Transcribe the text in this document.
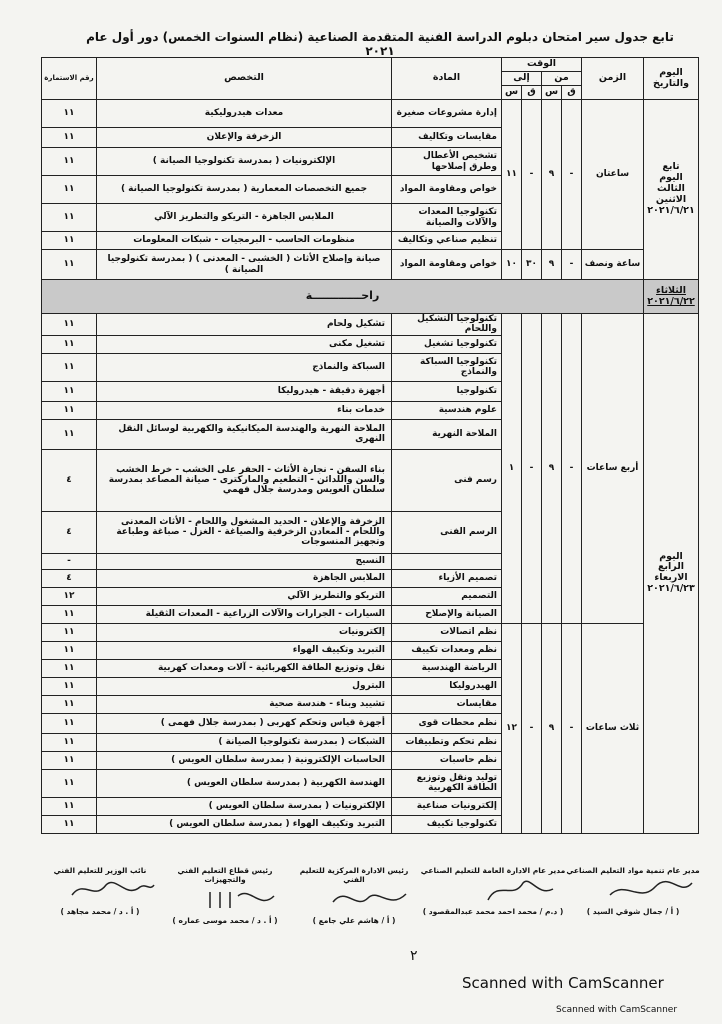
تابع جدول سير امتحان دبلوم الدراسة الفنية المتقدمة الصناعية (نظام السنوات الخمس) دور أول عام ٢٠٢١
اليوم والتاريخ	الزمن	الوقت				المادة	التخصص	رقم الاستمارة
		من		إلى				
		ق	س	ق	س			

تابع
اليوم الثالث
الاثنين
٢٠٢١/٦/٢١	ساعتان	-	٩	-	١١	إدارة مشروعات صغيرة	معدات هيدروليكية	١١
						مقايسات وتكاليف	الزخرفة والإعلان	١١
						تشخيص الأعطال وطرق إصلاحها	الإلكترونيات ( بمدرسة تكنولوجيا الصيانة )	١١
						خواص ومقاومة المواد	جميع التخصصات المعمارية ( بمدرسة تكنولوجيا الصيانة )	١١
						تكنولوجيا المعدات والآلات والصيانة	الملابس الجاهزة - التريكو والتطريز الآلي	١١
						تنظيم صناعي وتكاليف	منظومات الحاسب - البرمجيات - شبكات المعلومات	١١
	ساعة ونصف	-	٩	٣٠	١٠	خواص ومقاومة المواد	صيانة وإصلاح الأثاث ( الخشبى - المعدنى ) ( بمدرسة تكنولوجيا الصيانة )	١١

الثلاثاء
٢٠٢١/٦/٢٢	راحـــــــــــــة							

اليوم الرابع
الاربعاء
٢٠٢١/٦/٢٣	أربع ساعات	-	٩	-	١	تكنولوجيا التشكيل واللحام	تشكيل ولحام	١١
						تكنولوجيا تشغيل	تشغيل مكنى	١١
						تكنولوجيا السباكة والنماذج	السباكة والنماذج	١١
						تكنولوجيا	أجهزة دقيقة - هيدروليكا	١١
						علوم هندسية	خدمات بناء	١١
						الملاحة النهرية	الملاحة النهرية والهندسة الميكانيكية والكهربية لوسائل النقل النهرى	١١
						رسم فنى	بناء السفن - نجارة الأثاث - الحفر على الخشب - خرط الخشب والسن واللدائن - التطعيم والماركترى - صيانة المصاعد بمدرسة سلطان العويس ومدرسة جلال فهمي	٤
						الرسم الفنى	الزخرفة والإعلان - الحديد المشغول واللحام - الأثاث المعدنى واللحام - المعادن الزخرفية والصياغة - الغزل - صباغة وطباعة وتجهيز المنسوجات	٤
							النسيج	-
						تصميم الأزياء	الملابس الجاهزة	٤
						التصميم	التريكو والتطريز الآلي	١٢
						الصيانة والإصلاح	السيارات - الجرارات والآلات الزراعية - المعدات الثقيلة	١١
	ثلاث ساعات	-	٩	-	١٢	نظم اتصالات	إلكترونيات	١١
						نظم ومعدات تكييف	التبريد وتكييف الهواء	١١
						الرياضة الهندسية	نقل وتوزيع الطاقة الكهربائية - آلات ومعدات كهربية	١١
						الهيدروليكا	البترول	١١
						مقايسات	تشييد وبناء - هندسة صحية	١١
						نظم محطات قوى	أجهزة قياس وتحكم كهربى ( بمدرسة جلال فهمى )	١١
						نظم تحكم وتطبيقات	الشبكات ( بمدرسة تكنولوجيا الصيانة )	١١
						نظم حاسبات	الحاسبات الإلكترونية ( بمدرسة سلطان العويس )	١١
						توليد ونقل وتوزيع الطاقة الكهربية	الهندسة الكهربية ( بمدرسة سلطان العويس )	١١
						إلكترونيات صناعية	الإلكترونيات ( بمدرسة سلطان العويس )	١١
						تكنولوجيا تكييف	التبريد وتكييف الهواء ( بمدرسة سلطان العويس )	١١
مدير عام تنمية مواد التعليم الصناعي
( أ / جمال شوقي السيد )
مدير عام الادارة العامة للتعليم الصناعي
( د.م / محمد احمد محمد عبدالمقصود )
رئيس الادارة المركزية للتعليم الفني
( أ / هاشم علي جامع )
رئيس قطاع التعليم الفني والتجهيزات
( أ . د / محمد موسى عماره )
نائب الوزير للتعليم الفني
( أ . د / محمد مجاهد )
٢
Scanned with CamScanner
Scanned with CamScanner
